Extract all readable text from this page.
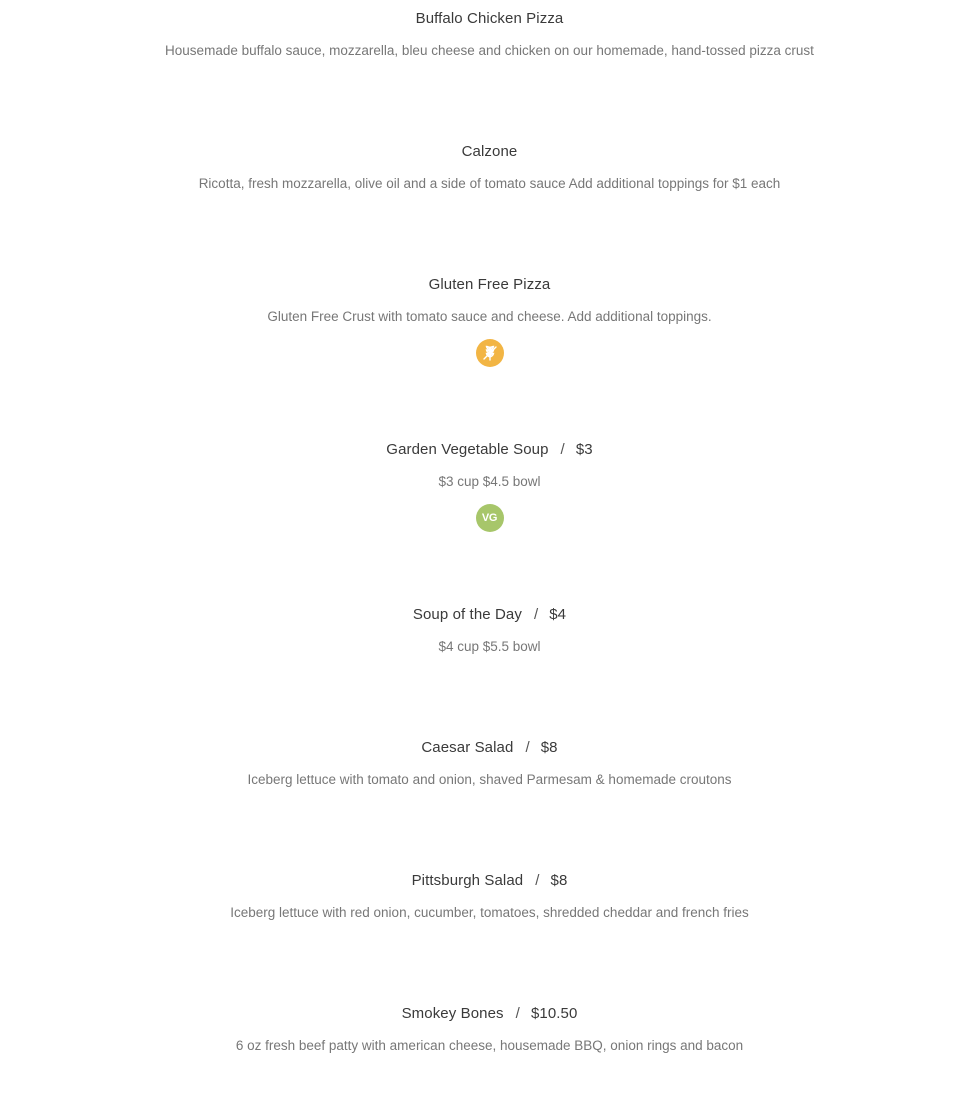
Buffalo Chicken Pizza
Housemade buffalo sauce, mozzarella, bleu cheese and chicken on our homemade, hand-tossed pizza crust
Calzone
Ricotta, fresh mozzarella, olive oil and a side of tomato sauce Add additional toppings for $1 each
Gluten Free Pizza
Gluten Free Crust with tomato sauce and cheese. Add additional toppings.
Garden Vegetable Soup / $3
$3 cup $4.5 bowl
VG
Soup of the Day / $4
$4 cup $5.5 bowl
Caesar Salad / $8
Iceberg lettuce with tomato and onion, shaved Parmesam & homemade croutons
Pittsburgh Salad / $8
Iceberg lettuce with red onion, cucumber, tomatoes, shredded cheddar and french fries
Smokey Bones / $10.50
6 oz fresh beef patty with american cheese, housemade BBQ, onion rings and bacon
